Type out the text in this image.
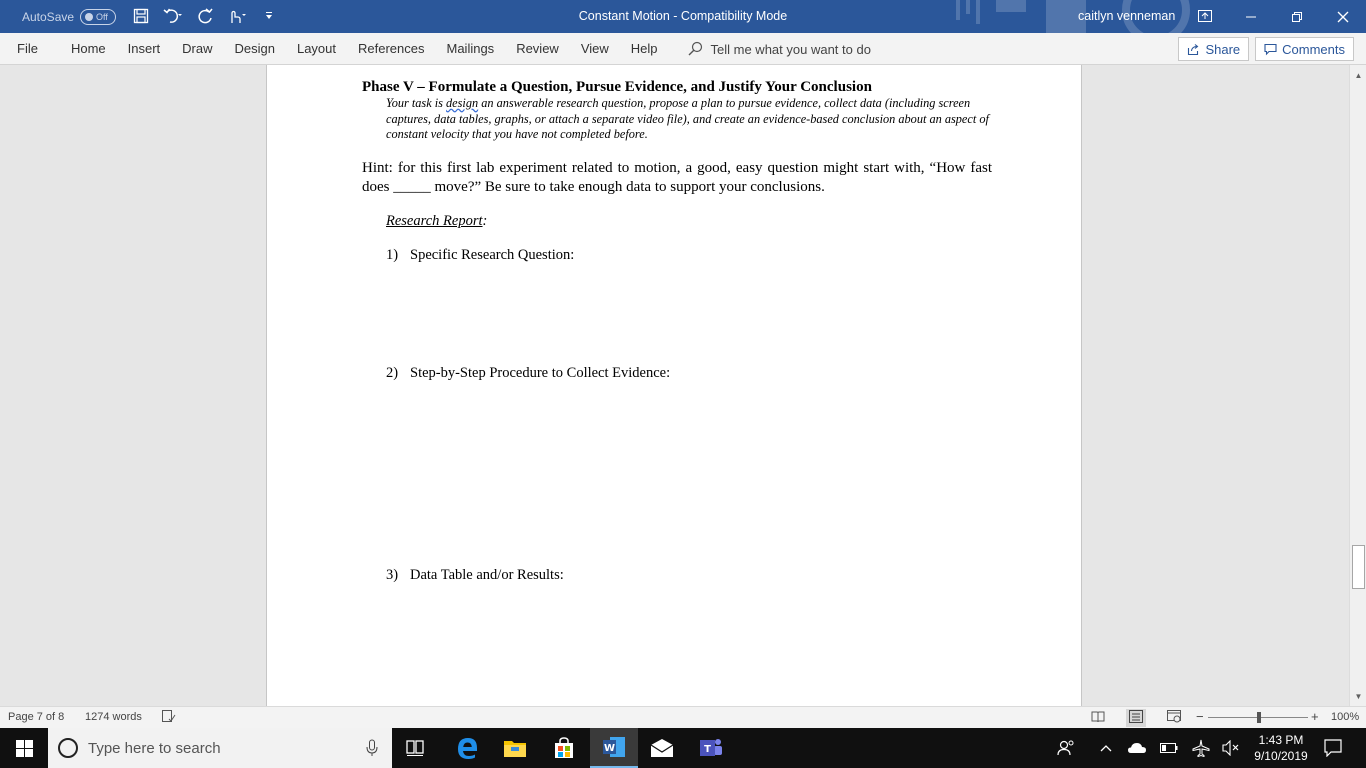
AutoSave Off	Constant Motion - Compatibility Mode	caitlyn venneman
File	Home	Insert	Draw	Design	Layout	References	Mailings	Review	View	Help	Tell me what you want to do	Share	Comments
Phase V – Formulate a Question, Pursue Evidence, and Justify Your Conclusion
Your task is design an answerable research question, propose a plan to pursue evidence, collect data (including screen captures, data tables, graphs, or attach a separate video file), and create an evidence-based conclusion about an aspect of constant velocity that you have not completed before.
Hint: for this first lab experiment related to motion, a good, easy question might start with, “How fast does _____ move?” Be sure to take enough data to support your conclusions.
Research Report:
1) Specific Research Question:
2) Step-by-Step Procedure to Collect Evidence:
3) Data Table and/or Results:
▲
▼
Page 7 of 8 1274 words	−	+ 100%
Type here to search	W	T
1:43 PM
9/10/2019
